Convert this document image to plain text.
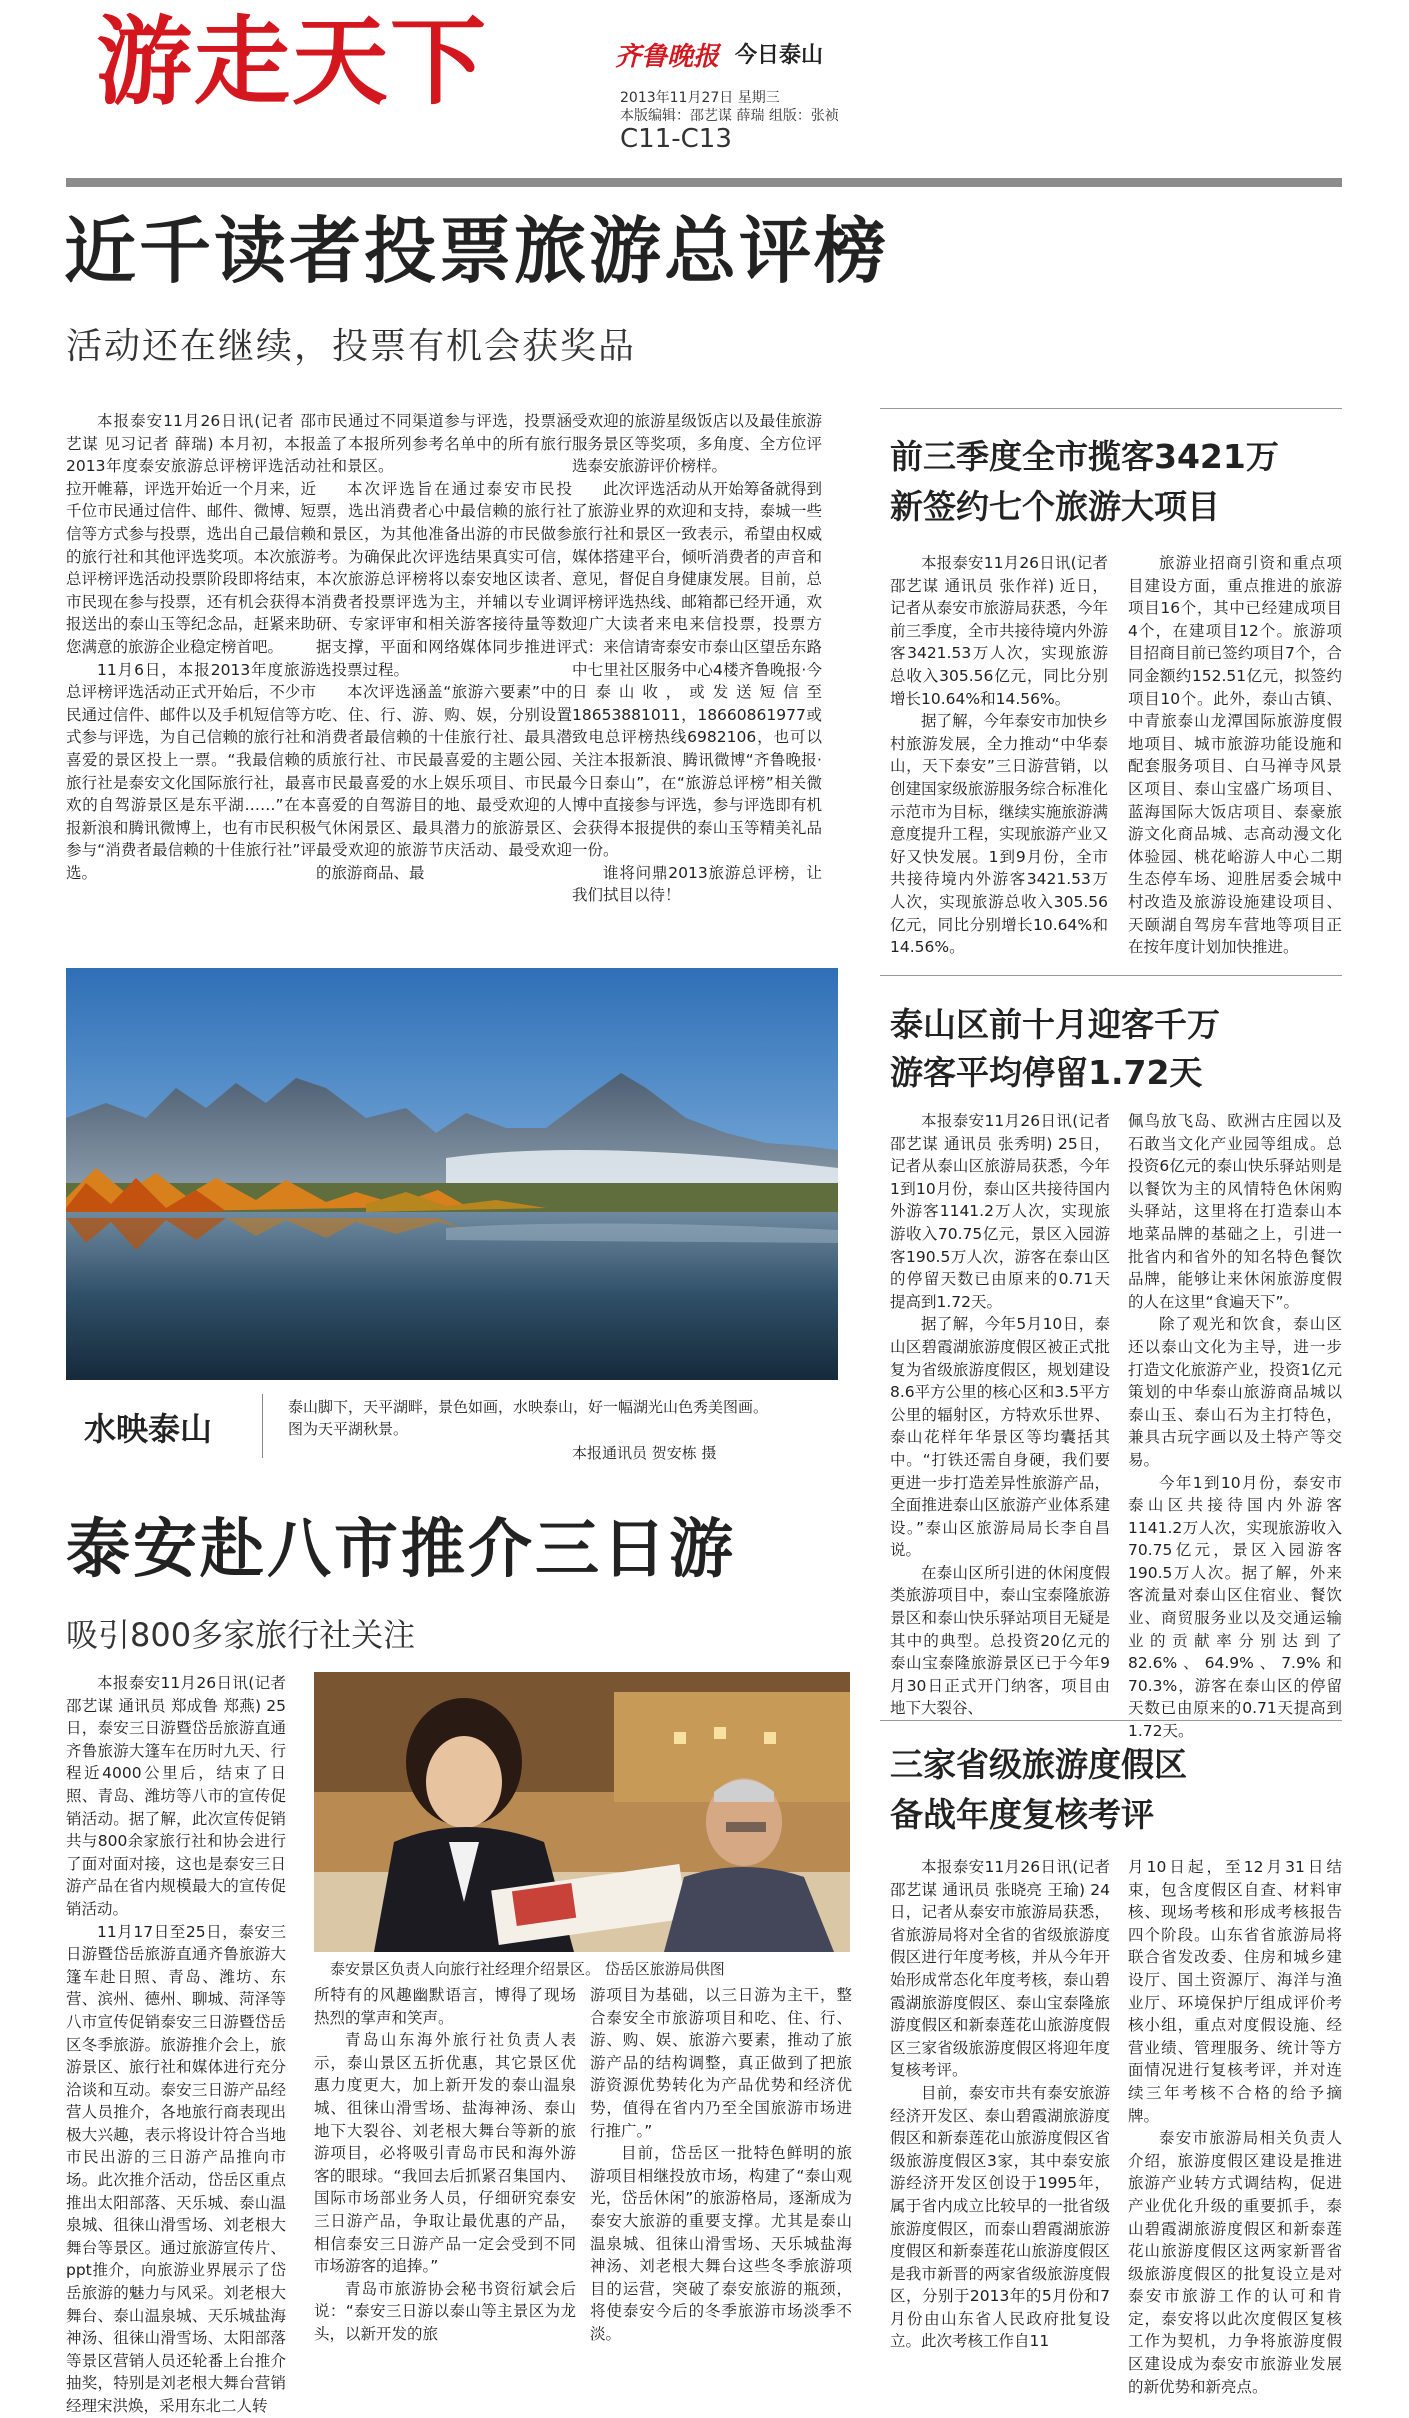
游走天下	齐鲁晚报 今日泰山
2013年11月27日 星期三
本版编辑：邵艺谋 薛瑞 组版：张祯
C11-C13
近千读者投票旅游总评榜
活动还在继续，投票有机会获奖品

本报泰安11月26日讯(记者 邵艺谋 见习记者 薛瑞) 本月初，本报2013年度泰安旅游总评榜评选活动拉开帷幕，评选开始近一个月来，近千位市民通过信件、邮件、微博、短信等方式参与投票，选出自己最信赖的旅行社和其他评选奖项。本次旅游总评榜评选活动投票阶段即将结束，市民现在参与投票，还有机会获得本报送出的泰山玉等纪念品，赶紧来助您满意的旅游企业稳定榜首吧。

11月6日，本报2013年度旅游总评榜评选活动正式开始后，不少市民通过信件、邮件以及手机短信等方式参与评选，为自己信赖的旅行社和喜爱的景区投上一票。“我最信赖的旅行社是泰安文化国际旅行社，最喜欢的自驾游景区是东平湖……”在本报新浪和腾讯微博上，也有市民积极参与“消费者最信赖的十佳旅行社”评选。

市民通过不同渠道参与评选，投票涵盖了本报所列参考名单中的所有旅行社和景区。

本次评选旨在通过泰安市民投票，选出消费者心中最信赖的旅行社和景区，为其他准备出游的市民做参考。为确保此次评选结果真实可信，本次旅游总评榜将以泰安地区读者、消费者投票评选为主，并辅以专业调研、专家评审和相关游客接待量等数据支撑，平面和网络媒体同步推进评选投票过程。

本次评选涵盖“旅游六要素”中的吃、住、行、游、购、娱，分别设置消费者最信赖的十佳旅行社、最具潜质旅行社、市民最喜爱的主题公园、市民最喜爱的水上娱乐项目、市民最喜爱的自驾游目的地、最受欢迎的人气休闲景区、最具潜力的旅游景区、最受欢迎的旅游节庆活动、最受欢迎的旅游商品、最

受欢迎的旅游星级饭店以及最佳旅游服务景区等奖项，多角度、全方位评选泰安旅游评价榜样。

此次评选活动从开始筹备就得到了旅游业界的欢迎和支持，泰城一些旅行社和景区一致表示，希望由权威媒体搭建平台，倾听消费者的声音和意见，督促自身健康发展。目前，总评榜评选热线、邮箱都已经开通，欢迎广大读者来电来信投票，投票方式：来信请寄泰安市泰山区望岳东路中七里社区服务中心4楼齐鲁晚报·今日泰山收，或发送短信至18653881011，18660861977或致电总评榜热线6982106，也可以关注本报新浪、腾讯微博“齐鲁晚报·今日泰山”，在“旅游总评榜”相关微博中直接参与评选，参与评选即有机会获得本报提供的泰山玉等精美礼品一份。

谁将问鼎2013旅游总评榜，让我们拭目以待！

前三季度全市揽客3421万
新签约七个旅游大项目

本报泰安11月26日讯(记者 邵艺谋 通讯员 张作祥) 近日，记者从泰安市旅游局获悉，今年前三季度，全市共接待境内外游客3421.53万人次，实现旅游总收入305.56亿元，同比分别增长10.64%和14.56%。

据了解，今年泰安市加快乡村旅游发展，全力推动“中华泰山，天下泰安”三日游营销，以创建国家级旅游服务综合标准化示范市为目标，继续实施旅游满意度提升工程，实现旅游产业又好又快发展。1到9月份，全市共接待境内外游客3421.53万人次，实现旅游总收入305.56亿元，同比分别增长10.64%和14.56%。

旅游业招商引资和重点项目建设方面，重点推进的旅游项目16个，其中已经建成项目4个，在建项目12个。旅游项目招商目前已签约项目7个，合同金额约152.51亿元，拟签约项目10个。此外，泰山古镇、中青旅泰山龙潭国际旅游度假地项目、城市旅游功能设施和配套服务项目、白马禅寺风景区项目、泰山宝盛广场项目、蓝海国际大饭店项目、泰豪旅游文化商品城、志高动漫文化体验园、桃花峪游人中心二期生态停车场、迎胜居委会城中村改造及旅游设施建设项目、天颐湖自驾房车营地等项目正在按年度计划加快推进。

水映泰山
泰山脚下，天平湖畔，景色如画，水映泰山，好一幅湖光山色秀美图画。图为天平湖秋景。
本报通讯员 贺安栋 摄
泰山区前十月迎客千万
游客平均停留1.72天

本报泰安11月26日讯(记者 邵艺谋 通讯员 张秀明) 25日，记者从泰山区旅游局获悉，今年1到10月份，泰山区共接待国内外游客1141.2万人次，实现旅游收入70.75亿元，景区入园游客190.5万人次，游客在泰山区的停留天数已由原来的0.71天提高到1.72天。

据了解，今年5月10日，泰山区碧霞湖旅游度假区被正式批复为省级旅游度假区，规划建设8.6平方公里的核心区和3.5平方公里的辐射区，方特欢乐世界、泰山花样年华景区等均囊括其中。“打铁还需自身硬，我们要更进一步打造差异性旅游产品，全面推进泰山区旅游产业体系建设。”泰山区旅游局局长李自昌说。

在泰山区所引进的休闲度假类旅游项目中，泰山宝泰隆旅游景区和泰山快乐驿站项目无疑是其中的典型。总投资20亿元的泰山宝泰隆旅游景区已于今年9月30日正式开门纳客，项目由地下大裂谷、

佩鸟放飞岛、欧洲古庄园以及石敢当文化产业园等组成。总投资6亿元的泰山快乐驿站则是以餐饮为主的风情特色休闲购头驿站，这里将在打造泰山本地菜品牌的基础之上，引进一批省内和省外的知名特色餐饮品牌，能够让来休闲旅游度假的人在这里“食遍天下”。

除了观光和饮食，泰山区还以泰山文化为主导，进一步打造文化旅游产业，投资1亿元策划的中华泰山旅游商品城以泰山玉、泰山石为主打特色，兼具古玩字画以及土特产等交易。

今年1到10月份，泰安市泰山区共接待国内外游客1141.2万人次，实现旅游收入70.75亿元，景区入园游客190.5万人次。据了解，外来客流量对泰山区住宿业、餐饮业、商贸服务业以及交通运输业的贡献率分别达到了82.6%、64.9%、7.9%和70.3%，游客在泰山区的停留天数已由原来的0.71天提高到1.72天。

泰安赴八市推介三日游
吸引800多家旅行社关注

本报泰安11月26日讯(记者 邵艺谋 通讯员 郑成鲁 郑燕) 25日，泰安三日游暨岱岳旅游直通齐鲁旅游大篷车在历时九天、行程近4000公里后，结束了日照、青岛、潍坊等八市的宣传促销活动。据了解，此次宣传促销共与800余家旅行社和协会进行了面对面对接，这也是泰安三日游产品在省内规模最大的宣传促销活动。

11月17日至25日，泰安三日游暨岱岳旅游直通齐鲁旅游大篷车赴日照、青岛、潍坊、东营、滨州、德州、聊城、菏泽等八市宣传促销泰安三日游暨岱岳区冬季旅游。旅游推介会上，旅游景区、旅行社和媒体进行充分洽谈和互动。泰安三日游产品经营人员推介，各地旅行商表现出极大兴趣，表示将设计符合当地市民出游的三日游产品推向市场。此次推介活动，岱岳区重点推出太阳部落、天乐城、泰山温泉城、徂徕山滑雪场、刘老根大舞台等景区。通过旅游宣传片、ppt推介，向旅游业界展示了岱岳旅游的魅力与风采。刘老根大舞台、泰山温泉城、天乐城盐海神汤、徂徕山滑雪场、太阳部落等景区营销人员还轮番上台推介抽奖，特别是刘老根大舞台营销经理宋洪焕，采用东北二人转

泰安景区负责人向旅行社经理介绍景区。 岱岳区旅游局供图

所特有的风趣幽默语言，博得了现场热烈的掌声和笑声。

青岛山东海外旅行社负责人表示，泰山景区五折优惠，其它景区优惠力度更大，加上新开发的泰山温泉城、徂徕山滑雪场、盐海神汤、泰山地下大裂谷、刘老根大舞台等新的旅游项目，必将吸引青岛市民和海外游客的眼球。“我回去后抓紧召集国内、国际市场部业务人员，仔细研究泰安三日游产品，争取让最优惠的产品，相信泰安三日游产品一定会受到不同市场游客的追捧。”

青岛市旅游协会秘书资衍斌会后说：“泰安三日游以泰山等主景区为龙头，以新开发的旅

游项目为基础，以三日游为主干，整合泰安全市旅游项目和吃、住、行、游、购、娱、旅游六要素，推动了旅游产品的结构调整，真正做到了把旅游资源优势转化为产品优势和经济优势，值得在省内乃至全国旅游市场进行推广。”

目前，岱岳区一批特色鲜明的旅游项目相继投放市场，构建了“泰山观光，岱岳休闲”的旅游格局，逐渐成为泰安大旅游的重要支撑。尤其是泰山温泉城、徂徕山滑雪场、天乐城盐海神汤、刘老根大舞台这些冬季旅游项目的运营，突破了泰安旅游的瓶颈，将使泰安今后的冬季旅游市场淡季不淡。

三家省级旅游度假区
备战年度复核考评

本报泰安11月26日讯(记者 邵艺谋 通讯员 张晓亮 王瑜) 24日，记者从泰安市旅游局获悉，省旅游局将对全省的省级旅游度假区进行年度考核，并从今年开始形成常态化年度考核，泰山碧霞湖旅游度假区、泰山宝泰隆旅游度假区和新泰莲花山旅游度假区三家省级旅游度假区将迎年度复核考评。

目前，泰安市共有泰安旅游经济开发区、泰山碧霞湖旅游度假区和新泰莲花山旅游度假区省级旅游度假区3家，其中泰安旅游经济开发区创设于1995年，属于省内成立比较早的一批省级旅游度假区，而泰山碧霞湖旅游度假区和新泰莲花山旅游度假区是我市新晋的两家省级旅游度假区，分别于2013年的5月份和7月份由山东省人民政府批复设立。此次考核工作自11

月10日起，至12月31日结束，包含度假区自查、材料审核、现场考核和形成考核报告四个阶段。山东省省旅游局将联合省发改委、住房和城乡建设厅、国土资源厅、海洋与渔业厅、环境保护厅组成评价考核小组，重点对度假设施、经营业绩、管理服务、统计等方面情况进行复核考评，并对连续三年考核不合格的给予摘牌。

泰安市旅游局相关负责人介绍，旅游度假区建设是推进旅游产业转方式调结构，促进产业优化升级的重要抓手，泰山碧霞湖旅游度假区和新泰莲花山旅游度假区这两家新晋省级旅游度假区的批复设立是对泰安市旅游工作的认可和肯定，泰安将以此次度假区复核工作为契机，力争将旅游度假区建设成为泰安市旅游业发展的新优势和新亮点。
